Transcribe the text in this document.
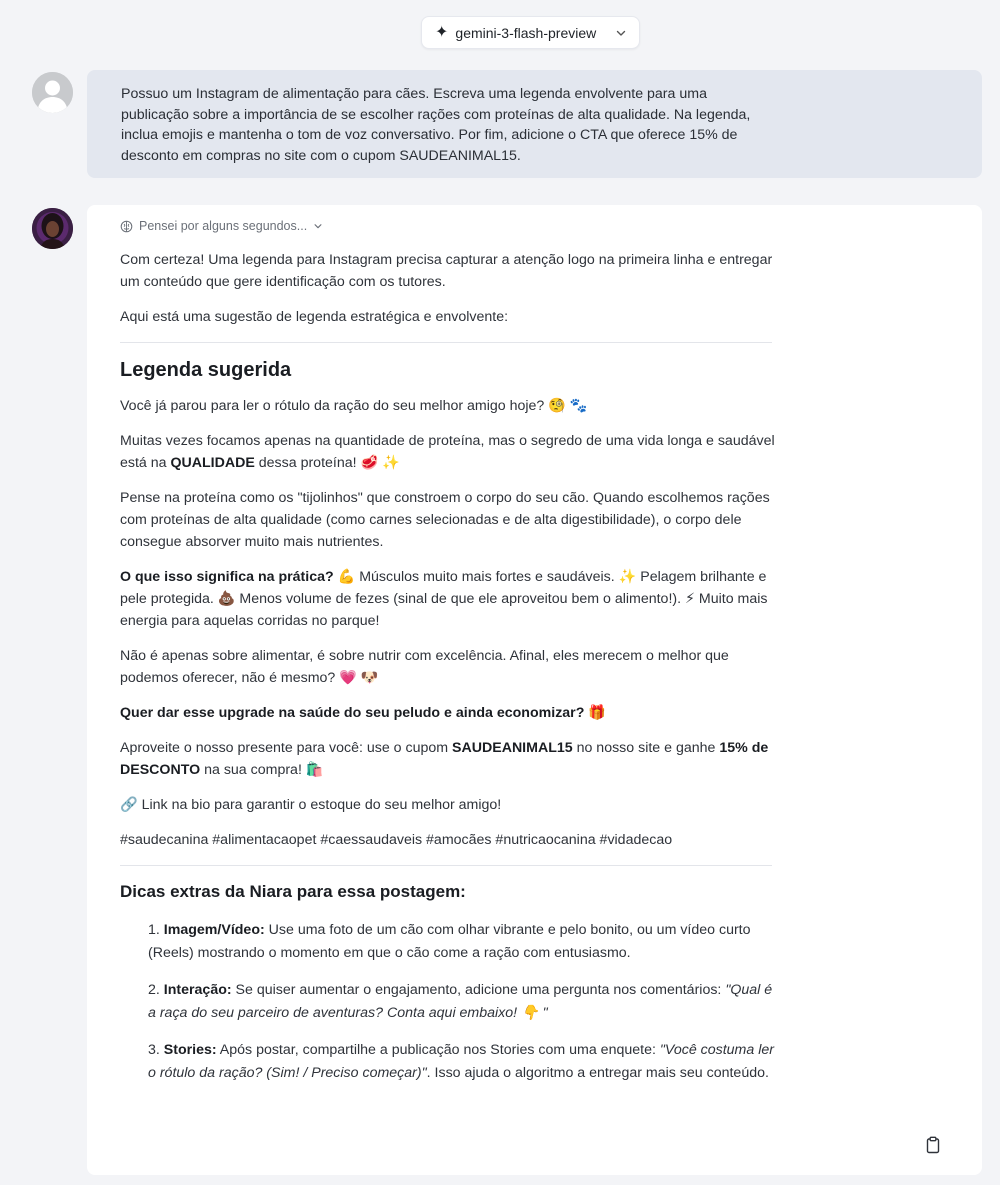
✦ gemini-3-flash-preview

Possuo um Instagram de alimentação para cães. Escreva uma legenda envolvente para uma publicação sobre a importância de se escolher rações com proteínas de alta qualidade. Na legenda, inclua emojis e mantenha o tom de voz conversativo. Por fim, adicione o CTA que oferece 15% de desconto em compras no site com o cupom SAUDEANIMAL15.

Pensei por alguns segundos...

Com certeza! Uma legenda para Instagram precisa capturar a atenção logo na primeira linha e entregar um conteúdo que gere identificação com os tutores.

Aqui está uma sugestão de legenda estratégica e envolvente:

Legenda sugerida

Você já parou para ler o rótulo da ração do seu melhor amigo hoje? 🧐 🐾

Muitas vezes focamos apenas na quantidade de proteína, mas o segredo de uma vida longa e saudável está na QUALIDADE dessa proteína! 🥩 ✨

Pense na proteína como os "tijolinhos" que constroem o corpo do seu cão. Quando escolhemos rações com proteínas de alta qualidade (como carnes selecionadas e de alta digestibilidade), o corpo dele consegue absorver muito mais nutrientes.

O que isso significa na prática? 💪 Músculos muito mais fortes e saudáveis. ✨ Pelagem brilhante e pele protegida. 💩 Menos volume de fezes (sinal de que ele aproveitou bem o alimento!). ⚡ Muito mais energia para aquelas corridas no parque!

Não é apenas sobre alimentar, é sobre nutrir com excelência. Afinal, eles merecem o melhor que podemos oferecer, não é mesmo? 💗 🐶

Quer dar esse upgrade na saúde do seu peludo e ainda economizar? 🎁

Aproveite o nosso presente para você: use o cupom SAUDEANIMAL15 no nosso site e ganhe 15% de DESCONTO na sua compra! 🛍️

🔗 Link na bio para garantir o estoque do seu melhor amigo!

#saudecanina #alimentacaopet #caessaudaveis #amocães #nutricaocanina #vidadecao

Dicas extras da Niara para essa postagem:
1. Imagem/Vídeo: Use uma foto de um cão com olhar vibrante e pelo bonito, ou um vídeo curto (Reels) mostrando o momento em que o cão come a ração com entusiasmo.
2. Interação: Se quiser aumentar o engajamento, adicione uma pergunta nos comentários: "Qual é a raça do seu parceiro de aventuras? Conta aqui embaixo! 👇 "
3. Stories: Após postar, compartilhe a publicação nos Stories com uma enquete: "Você costuma ler o rótulo da ração? (Sim! / Preciso começar)". Isso ajuda o algoritmo a entregar mais seu conteúdo.
